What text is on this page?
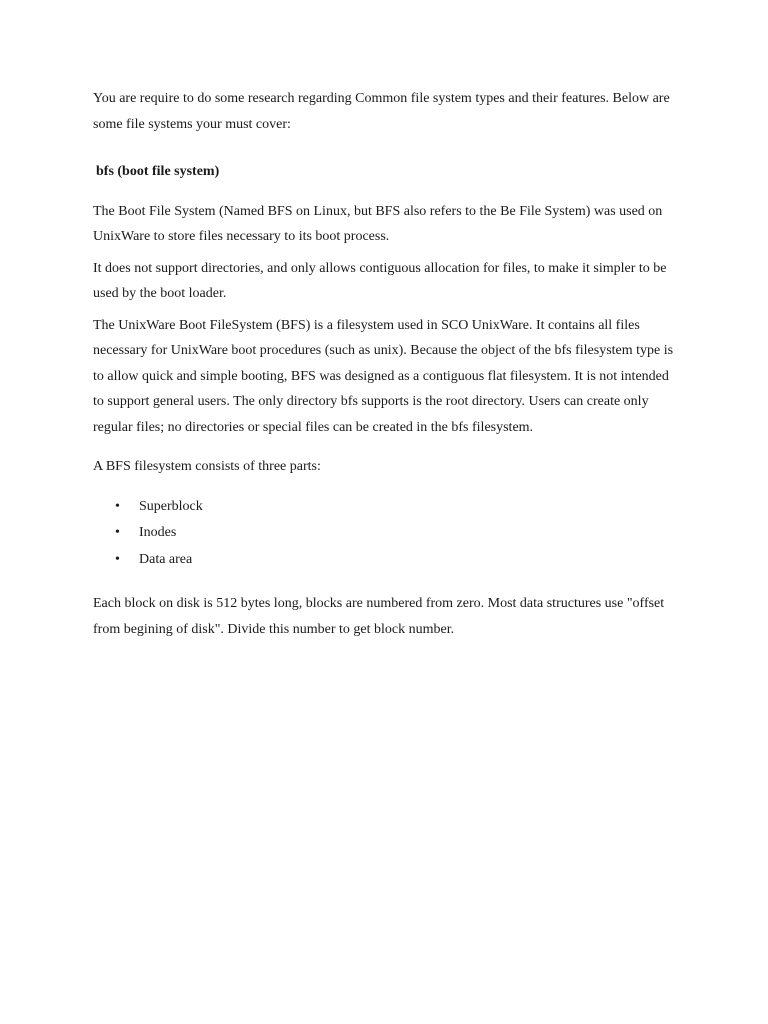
You are require to do some research regarding Common file system types and their features. Below are some file systems your must cover:

bfs (boot file system)

The Boot File System (Named BFS on Linux, but BFS also refers to the Be File System) was used on UnixWare to store files necessary to its boot process.

It does not support directories, and only allows contiguous allocation for files, to make it simpler to be used by the boot loader.

The UnixWare Boot FileSystem (BFS) is a filesystem used in SCO UnixWare. It contains all files necessary for UnixWare boot procedures (such as unix). Because the object of the bfs filesystem type is to allow quick and simple booting, BFS was designed as a contiguous flat filesystem. It is not intended to support general users. The only directory bfs supports is the root directory. Users can create only regular files; no directories or special files can be created in the bfs filesystem.

A BFS filesystem consists of three parts:

• Superblock
• Inodes
• Data area

Each block on disk is 512 bytes long, blocks are numbered from zero. Most data structures use "offset from begining of disk". Divide this number to get block number.
